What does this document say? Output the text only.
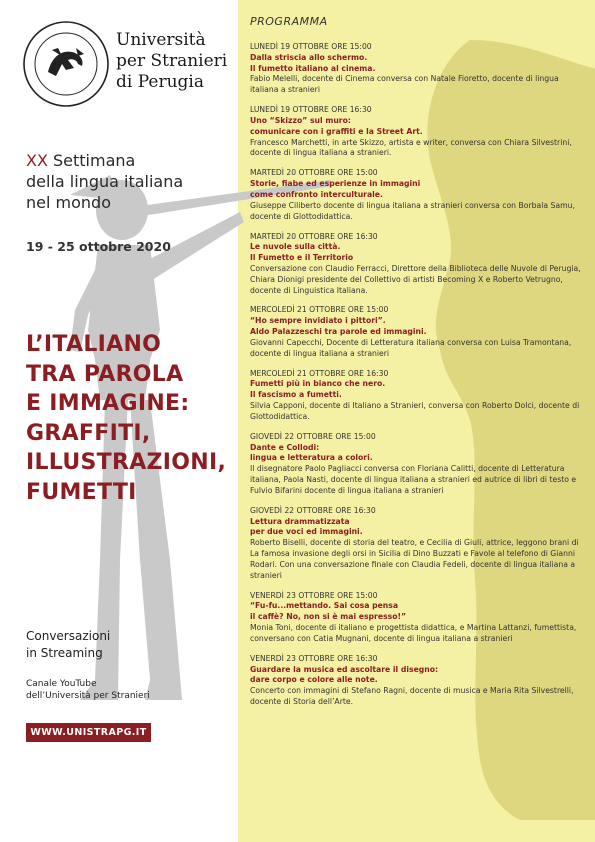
Università
per Stranieri
di Perugia
XX Settimana
della lingua italiana
nel mondo
19 - 25 ottobre 2020
L’ITALIANO
TRA PAROLA
E IMMAGINE:
GRAFFITI,
ILLUSTRAZIONI,
FUMETTI
Conversazioni
in Streaming
Canale YouTube
dell’Università per Stranieri
WWW.UNISTRAPG.IT
PROGRAMMA
LUNEDÌ 19 OTTOBRE ORE 15:00
Dalla striscia allo schermo.
Il fumetto italiano al cinema.
Fabio Melelli, docente di Cinema conversa con Natale Fioretto, docente di lingua italiana a stranieri
LUNEDÌ 19 OTTOBRE ORE 16:30
Uno “Skizzo” sul muro:
comunicare con i graffiti e la Street Art.
Francesco Marchetti, in arte Skizzo, artista e writer, conversa con Chiara Silvestrini, docente di lingua italiana a stranieri.
MARTEDÌ 20 OTTOBRE ORE 15:00
Storie, fiabe ed esperienze in immagini
come confronto interculturale.
Giuseppe Ciliberto docente di lingua italiana a stranieri conversa con Borbala Samu, docente di Glottodidattica.
MARTEDÌ 20 OTTOBRE ORE 16:30
Le nuvole sulla città.
Il Fumetto e il Territorio
Conversazione con Claudio Ferracci, Direttore della Biblioteca delle Nuvole di Perugia, Chiara Dionigi presidente del Collettivo di artisti Becoming X e Roberto Vetrugno, docente di Linguistica Italiana.
MERCOLEDÌ 21 OTTOBRE ORE 15:00
“Ho sempre invidiato i pittori”.
Aldo Palazzeschi tra parole ed immagini.
Giovanni Capecchi, Docente di Letteratura italiana conversa con Luisa Tramontana, docente di lingua italiana a stranieri
MERCOLEDÌ 21 OTTOBRE ORE 16:30
Fumetti più in bianco che nero.
Il fascismo a fumetti.
Silvia Capponi, docente di Italiano a Stranieri, conversa con Roberto Dolci, docente di Glottodidattica.
GIOVEDÌ 22 OTTOBRE ORE 15:00
Dante e Collodi:
lingua e letteratura a colori.
Il disegnatore Paolo Pagliacci conversa con Floriana Calitti, docente di Letteratura italiana, Paola Nasti, docente di lingua italiana a stranieri ed autrice di libri di testo e Fulvio Bifarini docente di lingua italiana a stranieri
GIOVEDÌ 22 OTTOBRE ORE 16:30
Lettura drammatizzata
per due voci ed immagini.
Roberto Biselli, docente di storia del teatro, e Cecilia di Giuli, attrice, leggono brani di La famosa invasione degli orsi in Sicilia di Dino Buzzati e Favole al telefono di Gianni Rodari. Con una conversazione finale con Claudia Fedeli, docente di lingua italiana a stranieri
VENERDÌ 23 OTTOBRE ORE 15:00
“Fu-fu...mettando. Sai cosa pensa
il caffè? No, non si è mai espresso!”
Monia Toni, docente di italiano e progettista didattica, e Martina Lattanzi, fumettista, conversano con Catia Mugnani, docente di lingua italiana a stranieri
VENERDÌ 23 OTTOBRE ORE 16:30
Guardare la musica ed ascoltare il disegno:
dare corpo e colore alle note.
Concerto con immagini di Stefano Ragni, docente di musica e Maria Rita Silvestrelli, docente di Storia dell’Arte.
